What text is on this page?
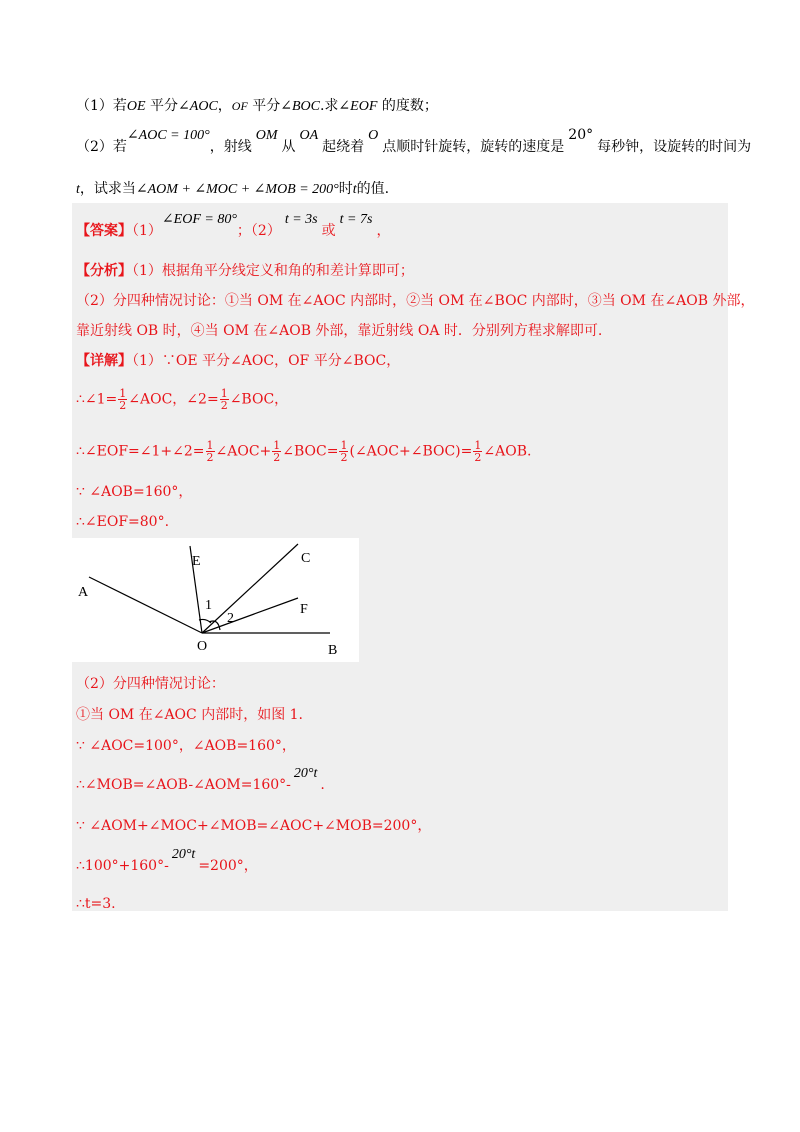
（1）若OE 平分∠AOC，OF 平分∠BOC.求∠EOF 的度数；
（2）若∠AOC = 100°，射线OM从OA起绕着O点顺时针旋转，旋转的速度是20°每秒钟，设旋转的时间为
t，试求当∠AOM + ∠MOC + ∠MOB = 200°时t的值.
【答案】（1）∠EOF = 80°；（2）t = 3s或t = 7s，
【分析】（1）根据角平分线定义和角的和差计算即可；
（2）分四种情况讨论：①当 OM 在∠AOC 内部时，②当 OM 在∠BOC 内部时，③当 OM 在∠AOB 外部，
靠近射线 OB 时，④当 OM 在∠AOB 外部，靠近射线 OA 时．分别列方程求解即可.
【详解】（1）∵OE 平分∠AOC，OF 平分∠BOC，
∴∠1= $\frac{1}{2}$ ∠AOC，∠2= $\frac{1}{2}$ ∠BOC，
∴∠EOF=∠1+∠2= $\frac{1}{2}$ ∠AOC+ $\frac{1}{2}$ ∠BOC= $\frac{1}{2}$ (∠AOC+∠BOC)= $\frac{1}{2}$ ∠AOB.
∵ ∠AOB=160°，
∴∠EOF=80°.
A
E	C
F
O	B
1
2
（2）分四种情况讨论：
①当 OM 在∠AOC 内部时，如图 1.
∵ ∠AOC=100°，∠AOB=160°，
∴∠MOB=∠AOB-∠AOM=160°-20°t.
∵ ∠AOM+∠MOC+∠MOB=∠AOC+∠MOB=200°，
∴100°+160°-20°t=200°，
∴t=3.
